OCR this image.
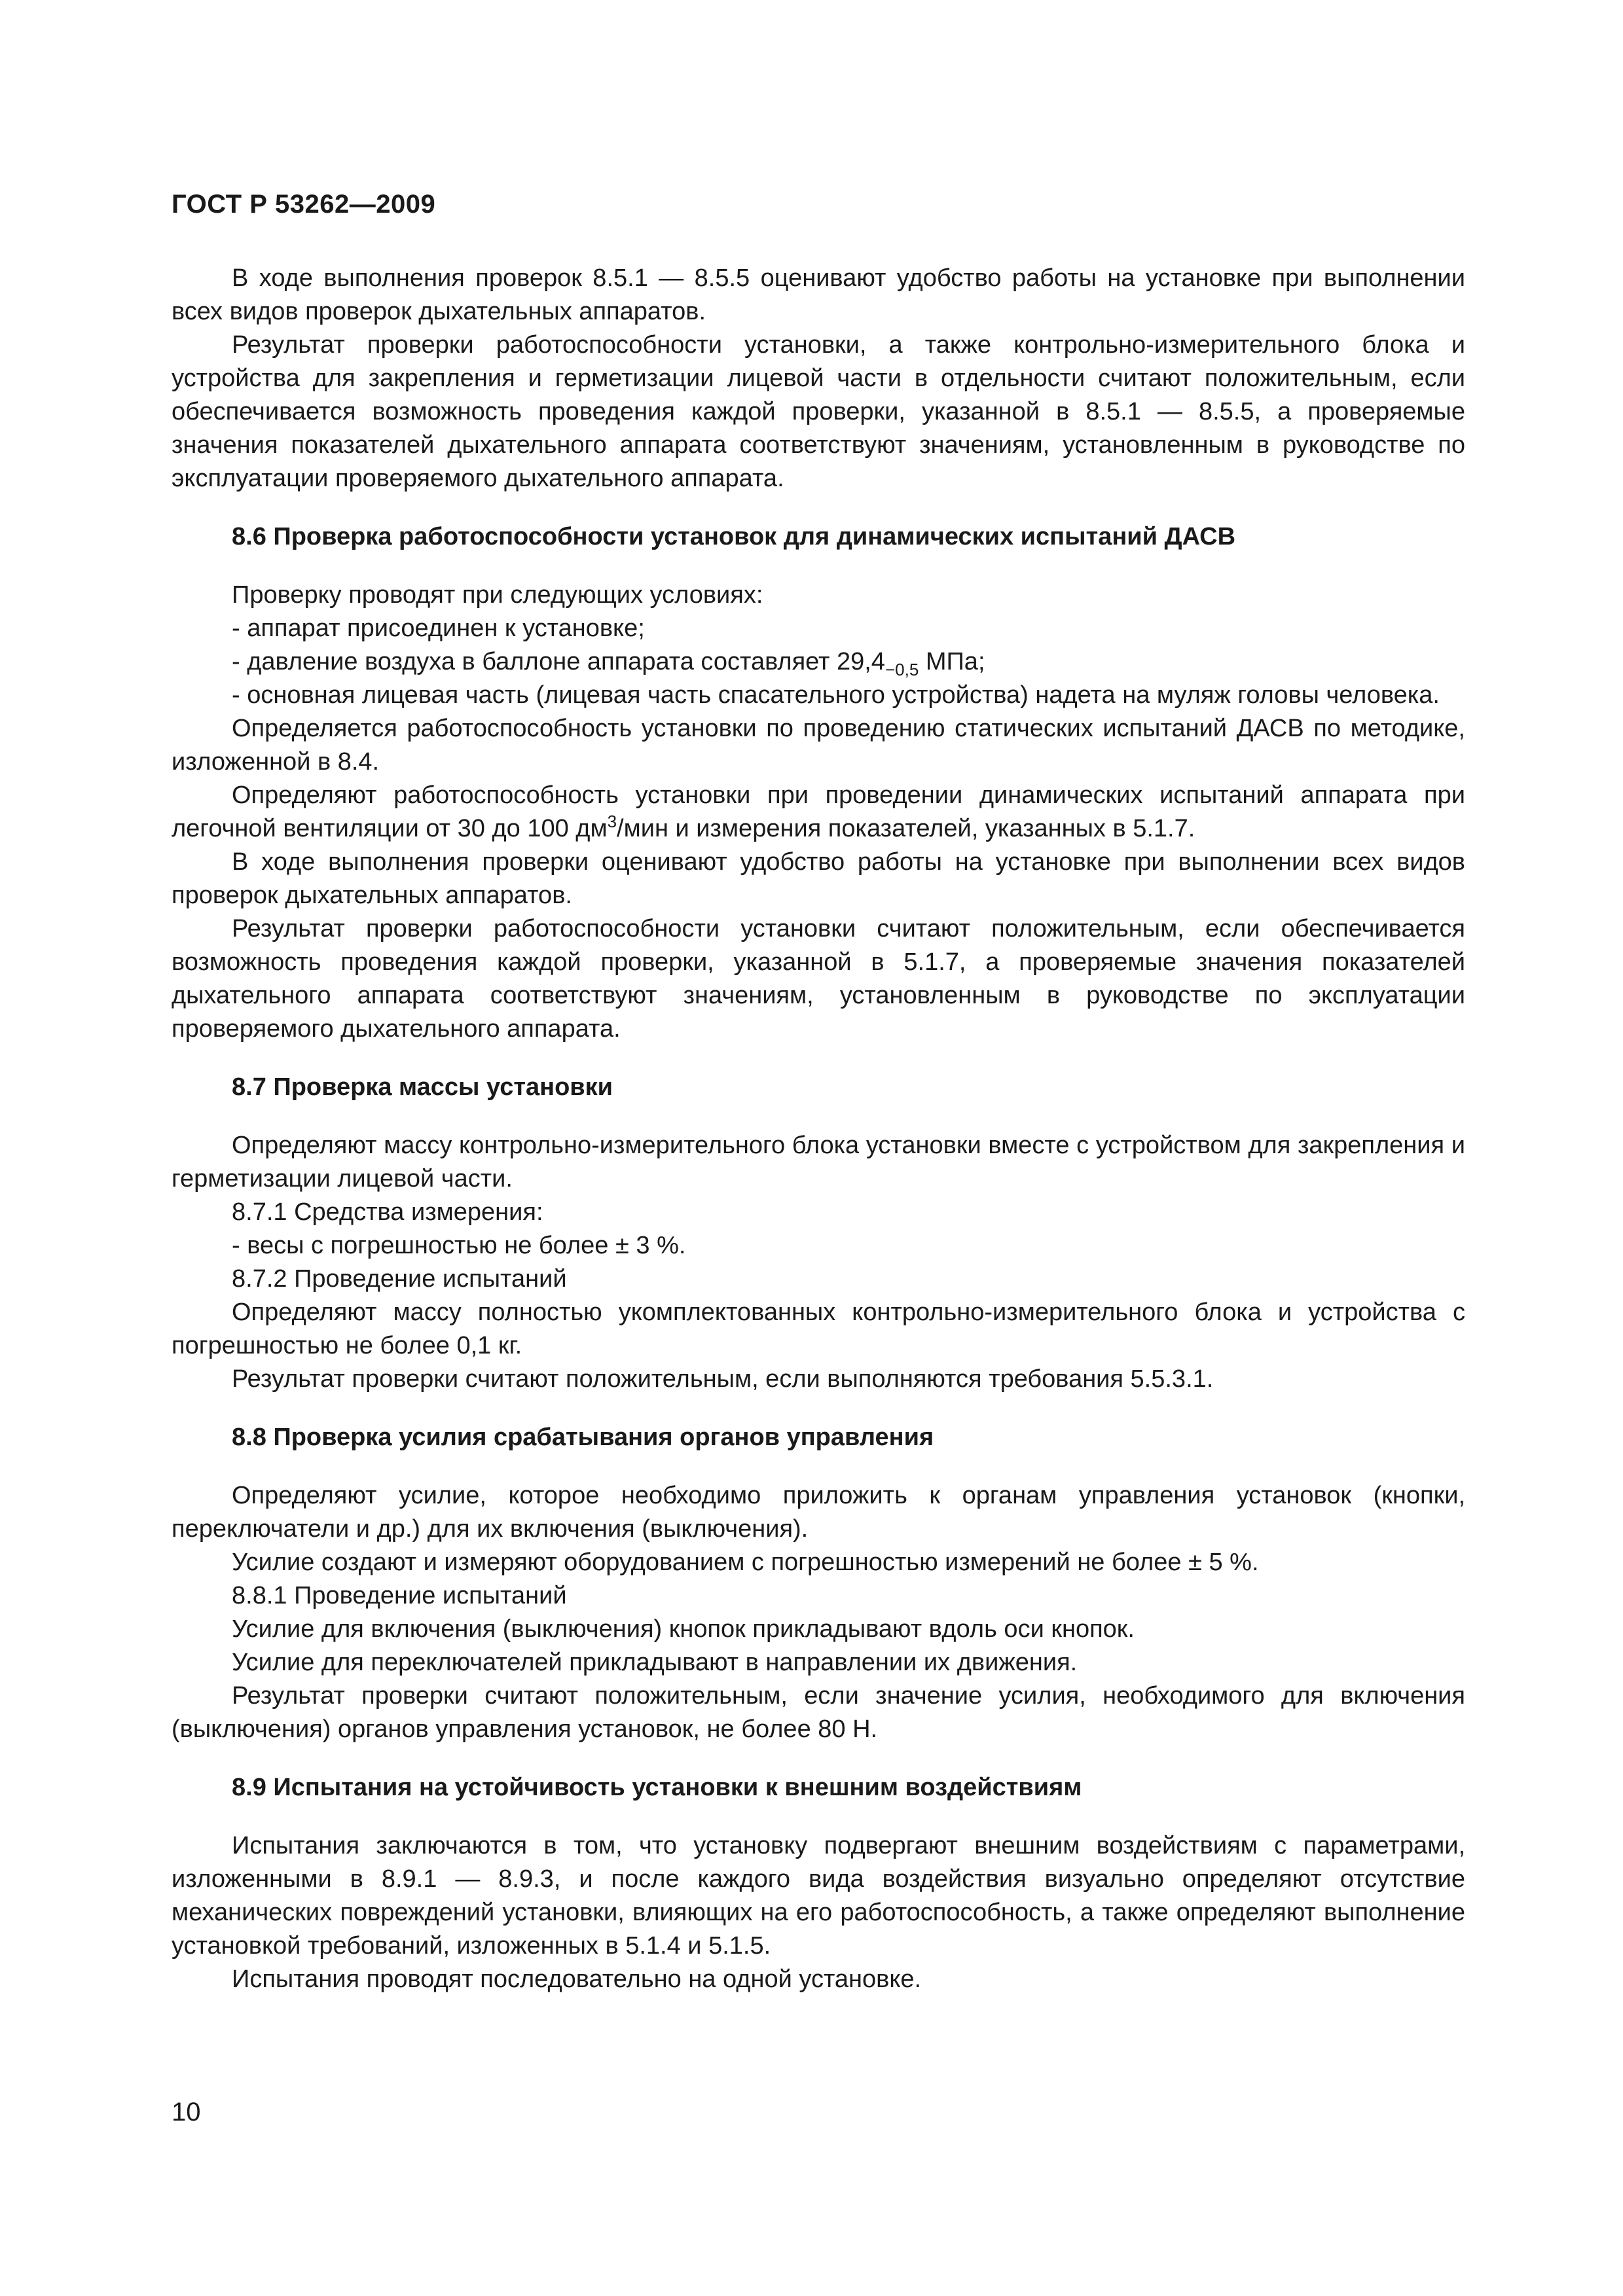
ГОСТ Р 53262—2009

В ходе выполнения проверок 8.5.1 — 8.5.5 оценивают удобство работы на установке при выполнении всех видов проверок дыхательных аппаратов.

Результат проверки работоспособности установки, а также контрольно-измерительного блока и устройства для закрепления и герметизации лицевой части в отдельности считают положительным, если обеспечивается возможность проведения каждой проверки, указанной в 8.5.1 — 8.5.5, а проверяемые значения показателей дыхательного аппарата соответствуют значениям, установленным в руководстве по эксплуатации проверяемого дыхательного аппарата.

8.6 Проверка работоспособности установок для динамических испытаний ДАСВ

Проверку проводят при следующих условиях:

- аппарат присоединен к установке;

- давление воздуха в баллоне аппарата составляет $29,4_{-0,5}$ МПа;

- основная лицевая часть (лицевая часть спасательного устройства) надета на муляж головы человека.

Определяется работоспособность установки по проведению статических испытаний ДАСВ по методике, изложенной в 8.4.

Определяют работоспособность установки при проведении динамических испытаний аппарата при легочной вентиляции от 30 до 100 $дм^3$/мин и измерения показателей, указанных в 5.1.7.

В ходе выполнения проверки оценивают удобство работы на установке при выполнении всех видов проверок дыхательных аппаратов.

Результат проверки работоспособности установки считают положительным, если обеспечивается возможность проведения каждой проверки, указанной в 5.1.7, а проверяемые значения показателей дыхательного аппарата соответствуют значениям, установленным в руководстве по эксплуатации проверяемого дыхательного аппарата.

8.7 Проверка массы установки

Определяют массу контрольно-измерительного блока установки вместе с устройством для закрепления и герметизации лицевой части.

8.7.1 Средства измерения:

- весы с погрешностью не более ± 3 %.

8.7.2 Проведение испытаний

Определяют массу полностью укомплектованных контрольно-измерительного блока и устройства с погрешностью не более 0,1 кг.

Результат проверки считают положительным, если выполняются требования 5.5.3.1.

8.8 Проверка усилия срабатывания органов управления

Определяют усилие, которое необходимо приложить к органам управления установок (кнопки, переключатели и др.) для их включения (выключения).

Усилие создают и измеряют оборудованием с погрешностью измерений не более ± 5 %.

8.8.1 Проведение испытаний

Усилие для включения (выключения) кнопок прикладывают вдоль оси кнопок.

Усилие для переключателей прикладывают в направлении их движения.

Результат проверки считают положительным, если значение усилия, необходимого для включения (выключения) органов управления установок, не более 80 Н.

8.9 Испытания на устойчивость установки к внешним воздействиям

Испытания заключаются в том, что установку подвергают внешним воздействиям с параметрами, изложенными в 8.9.1 — 8.9.3, и после каждого вида воздействия визуально определяют отсутствие механических повреждений установки, влияющих на его работоспособность, а также определяют выполнение установкой требований, изложенных в 5.1.4 и 5.1.5.

Испытания проводят последовательно на одной установке.

10
